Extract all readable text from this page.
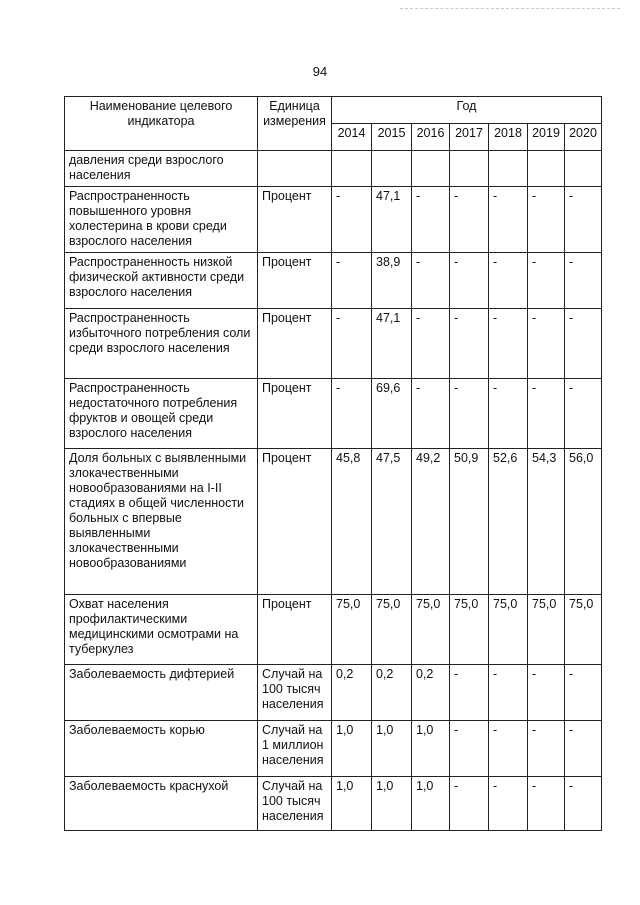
94
Наименование целевого индикатора	Единица измерения	Год						
		2014	2015	2016	2017	2018	2019	2020
давления среди взрослого населения								
Распространенность повышенного уровня холестерина в крови среди взрослого населения	Процент	-	47,1	-	-	-	-	-
Распространенность низкой физической активности среди взрослого населения	Процент	-	38,9	-	-	-	-	-
Распространенность избыточного потребления соли среди взрослого населения	Процент	-	47,1	-	-	-	-	-
Распространенность недостаточного потребления фруктов и овощей среди взрослого населения	Процент	-	69,6	-	-	-	-	-
Доля больных с выявленными злокачественными новообразованиями на I-II стадиях в общей численности больных с впервые выявленными злокачественными новообразованиями	Процент	45,8	47,5	49,2	50,9	52,6	54,3	56,0
Охват населения профилактическими медицинскими осмотрами на туберкулез	Процент	75,0	75,0	75,0	75,0	75,0	75,0	75,0
Заболеваемость дифтерией	Случай на 100 тысяч населения	0,2	0,2	0,2	-	-	-	-
Заболеваемость корью	Случай на 1 миллион населения	1,0	1,0	1,0	-	-	-	-
Заболеваемость краснухой	Случай на 100 тысяч населения	1,0	1,0	1,0	-	-	-	-
